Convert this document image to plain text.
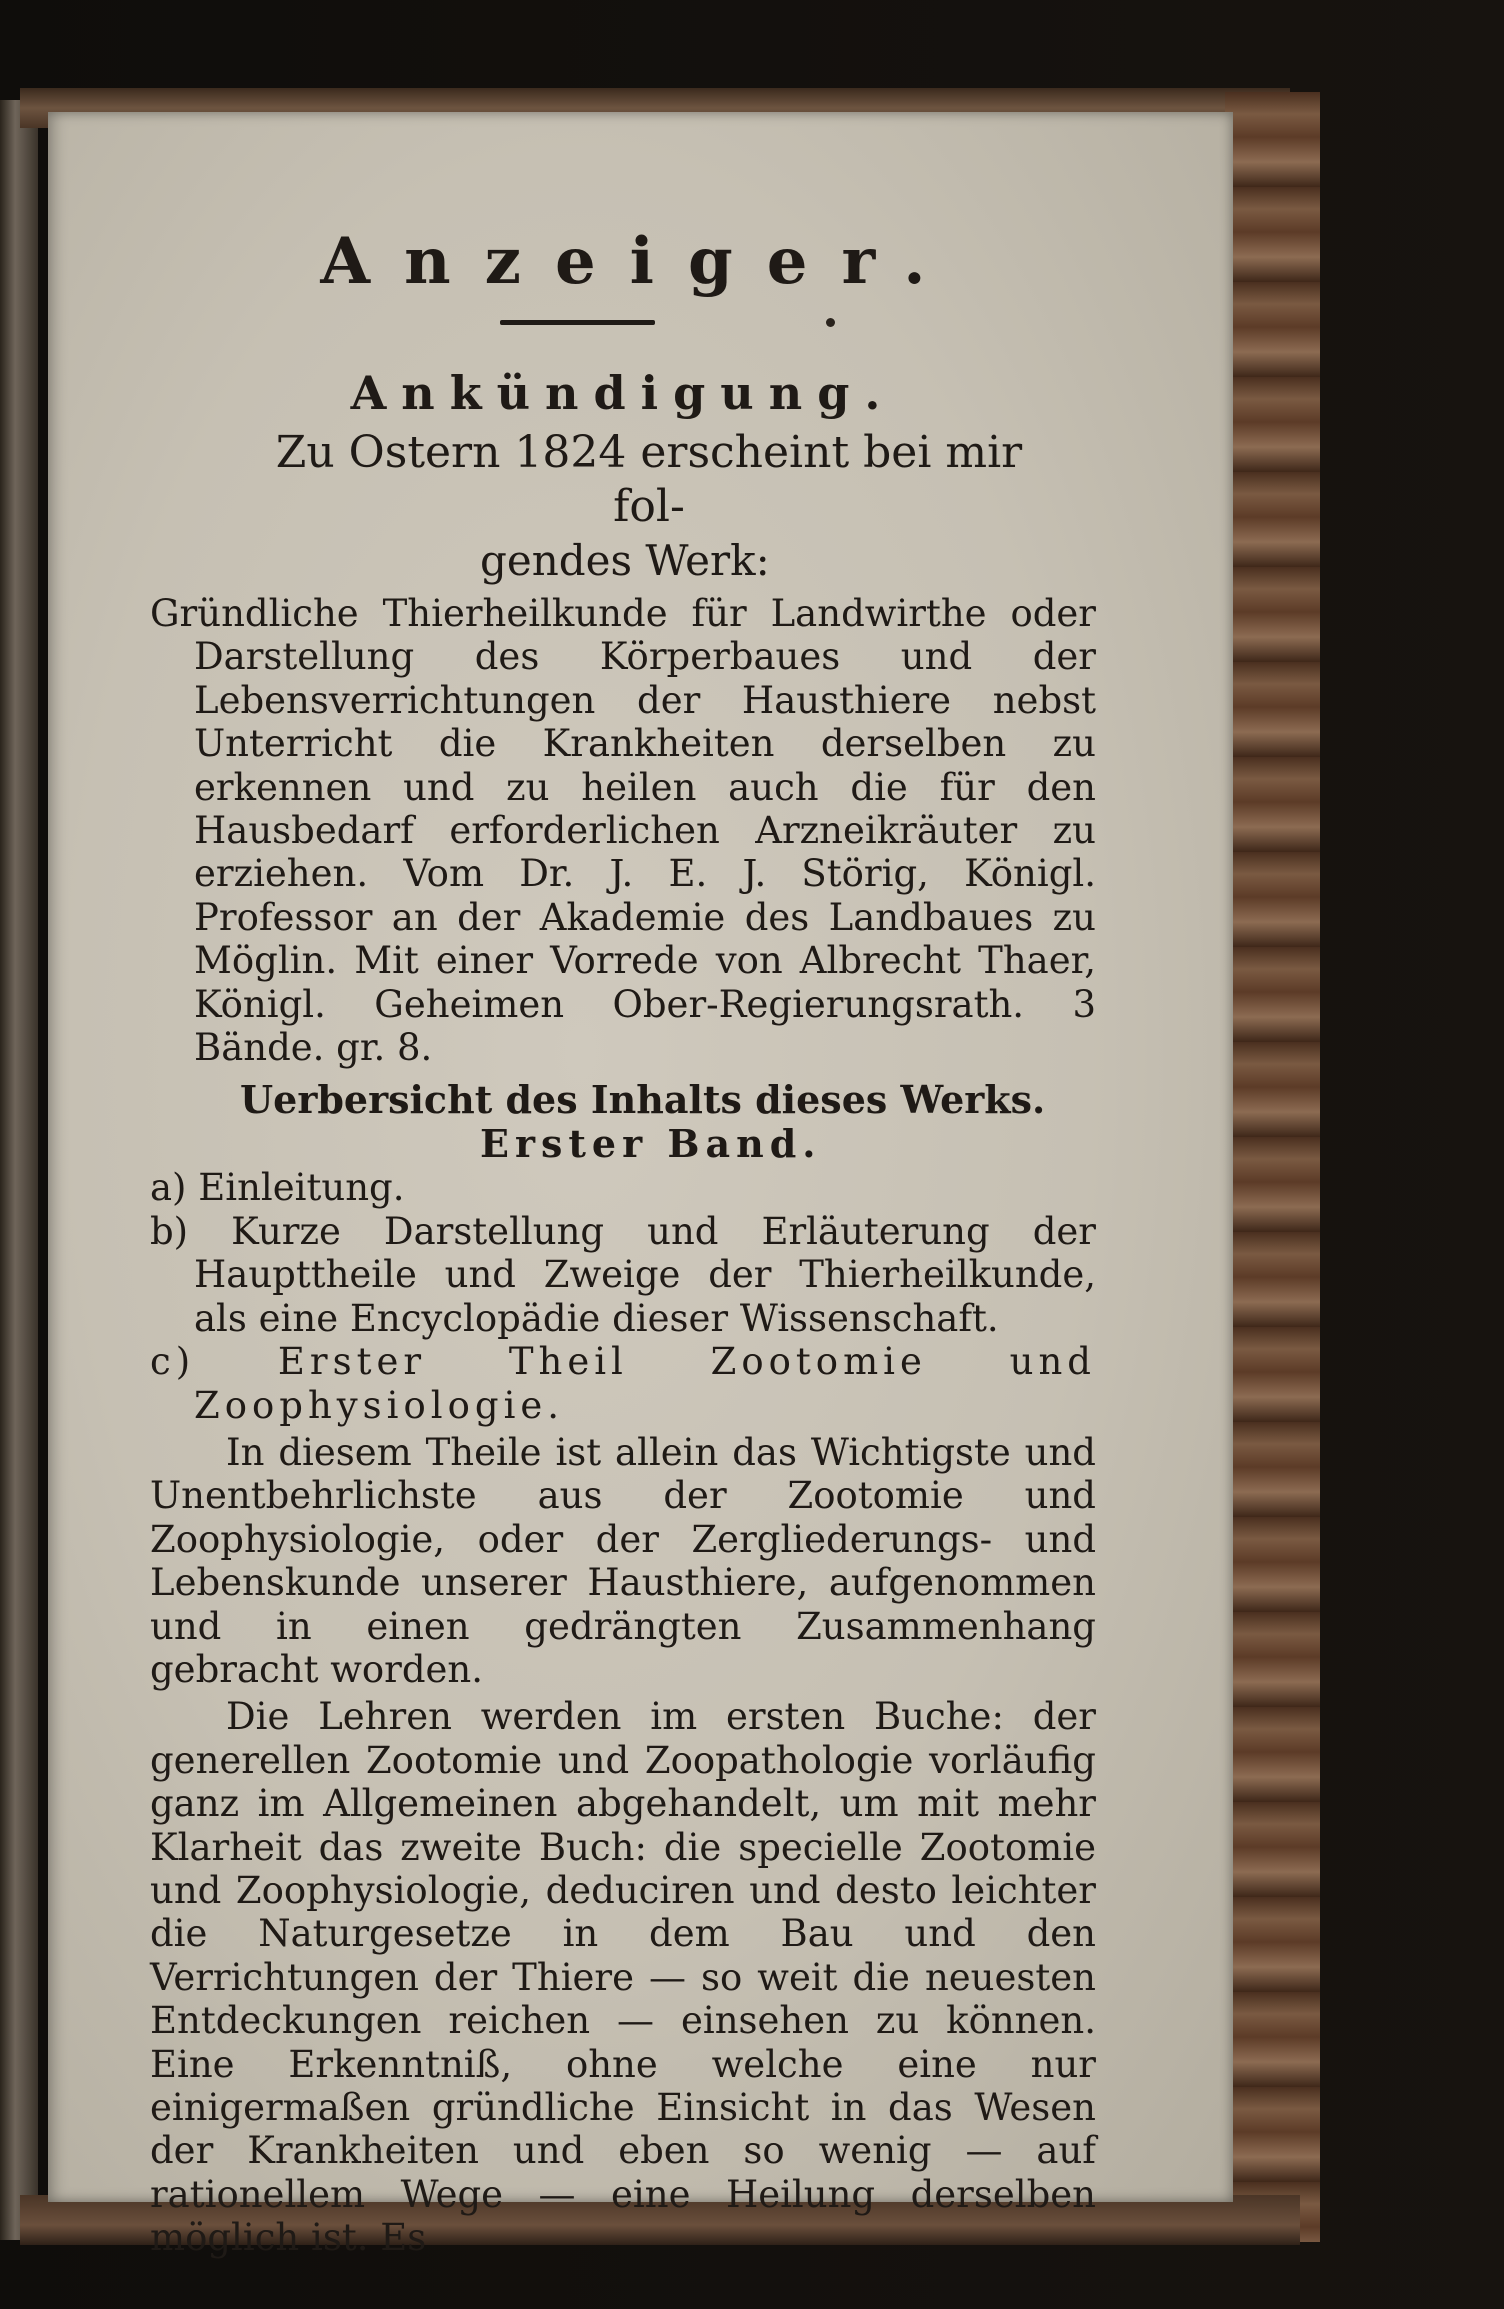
Anzeiger.
Ankündigung.

Zu Ostern 1824 erscheint bei mir fol-

gendes Werk:

Gründliche Thierheilkunde für Landwirthe oder Darstellung des Körperbaues und der Lebensverrichtungen der Hausthiere nebst Unterricht die Krankheiten derselben zu erkennen und zu heilen auch die für den Hausbedarf erforderlichen Arzneikräuter zu erziehen. Vom Dr. J. E. J. Störig, Königl. Professor an der Akademie des Landbaues zu Möglin. Mit einer Vorrede von Albrecht Thaer, Königl. Geheimen Ober-Regierungsrath. 3 Bände. gr. 8.

Uerbersicht des Inhalts dieses Werks.

Erster Band.

a) Einleitung.

b) Kurze Darstellung und Erläuterung der Haupttheile und Zweige der Thierheilkunde, als eine Encyclopädie dieser Wissenschaft.

c) Erster Theil Zootomie und Zoophysiologie.

In diesem Theile ist allein das Wichtigste und Unentbehrlichste aus der Zootomie und Zoophysiologie, oder der Zergliederungs- und Lebenskunde unserer Hausthiere, aufgenommen und in einen gedrängten Zusammenhang gebracht worden.

Die Lehren werden im ersten Buche: der generellen Zootomie und Zoopathologie vorläufig ganz im Allgemeinen abgehandelt, um mit mehr Klarheit das zweite Buch: die specielle Zootomie und Zoophysiologie, deduciren und desto leichter die Naturgesetze in dem Bau und den Verrichtungen der Thiere — so weit die neuesten Entdeckungen reichen — einsehen zu können. Eine Erkenntniß, ohne welche eine nur einigermaßen gründliche Einsicht in das Wesen der Krankheiten und eben so wenig — auf rationellem Wege — eine Heilung derselben möglich ist. Es
